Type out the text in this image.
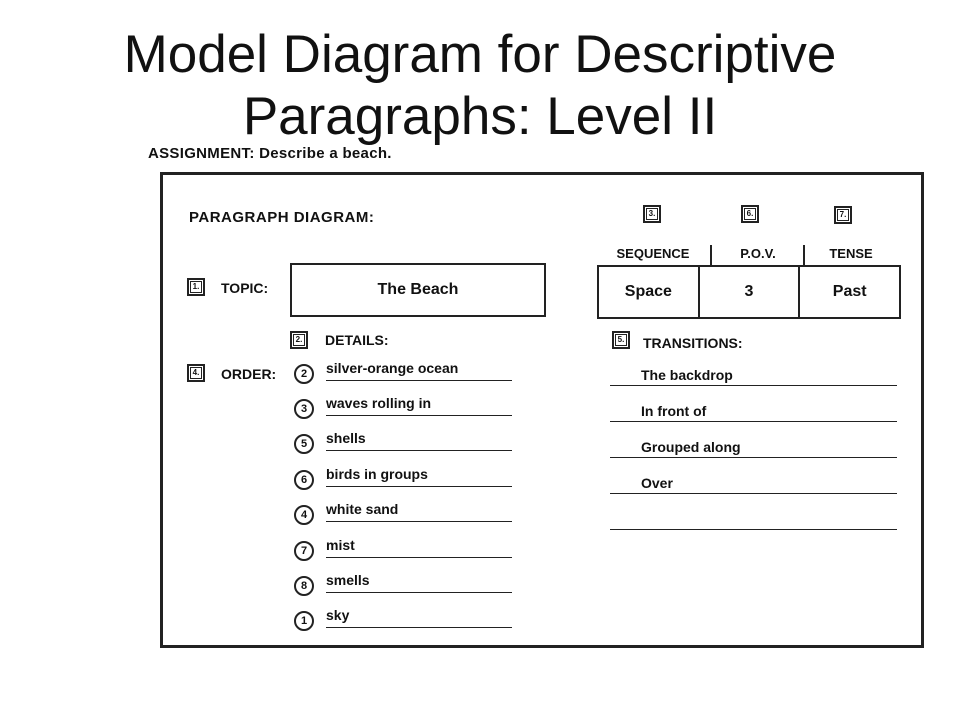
Model Diagram for Descriptive Paragraphs: Level II
ASSIGNMENT: Describe a beach.
PARAGRAPH DIAGRAM:	3.	6.	7.
SEQUENCE	P.O.V.	TENSE
Space	3	Past
1. TOPIC:	The Beach
2. DETAILS:
4. ORDER:	2	silver-orange ocean
3	waves rolling in
5	shells
6	birds in groups
4	white sand
7	mist
8	smells
1	sky
5. TRANSITIONS:
The backdrop
In front of
Grouped along
Over
